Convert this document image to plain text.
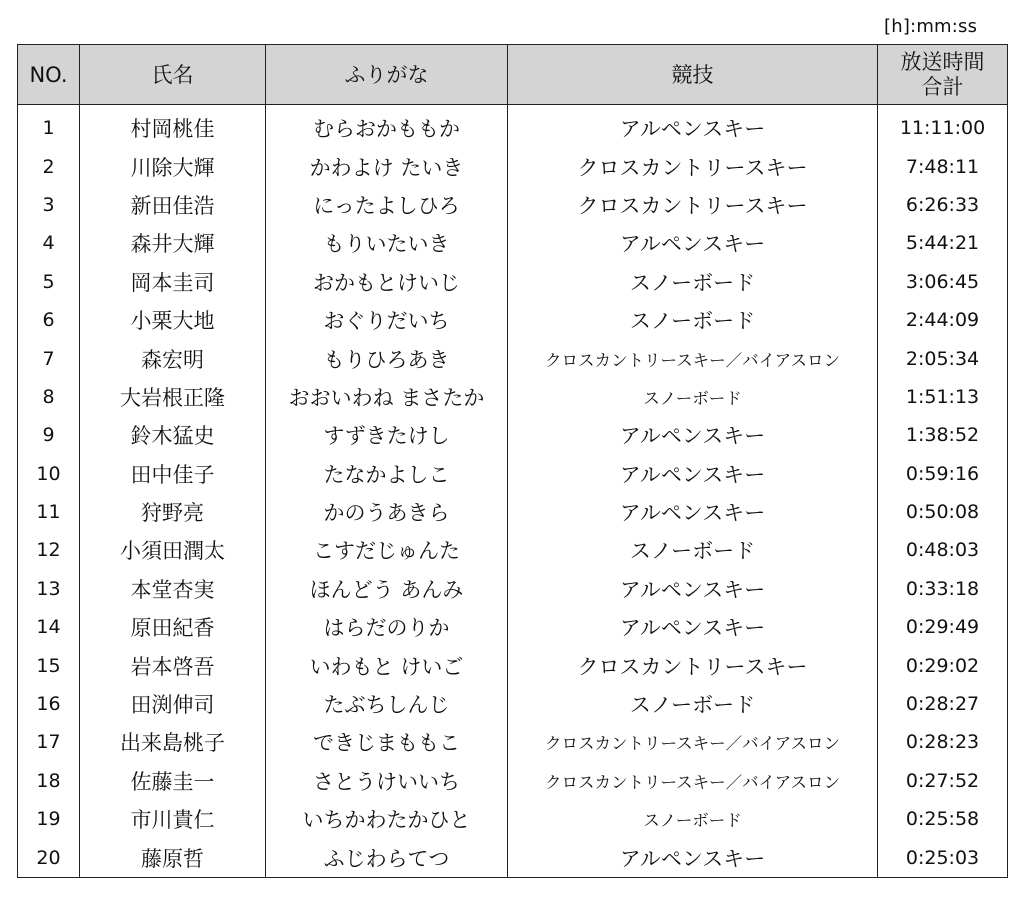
[h]:mm:ss
NO.	氏名	ふりがな	競技	放送時間
合計
1	村岡桃佳	むらおかももか	アルペンスキー	11:11:00
2	川除大輝	かわよけ たいき	クロスカントリースキー	7:48:11
3	新田佳浩	にったよしひろ	クロスカントリースキー	6:26:33
4	森井大輝	もりいたいき	アルペンスキー	5:44:21
5	岡本圭司	おかもとけいじ	スノーボード	3:06:45
6	小栗大地	おぐりだいち	スノーボード	2:44:09
7	森宏明	もりひろあき	クロスカントリースキー／バイアスロン	2:05:34
8	大岩根正隆	おおいわね まさたか	スノーボード	1:51:13
9	鈴木猛史	すずきたけし	アルペンスキー	1:38:52
10	田中佳子	たなかよしこ	アルペンスキー	0:59:16
11	狩野亮	かのうあきら	アルペンスキー	0:50:08
12	小須田潤太	こすだじゅんた	スノーボード	0:48:03
13	本堂杏実	ほんどう あんみ	アルペンスキー	0:33:18
14	原田紀香	はらだのりか	アルペンスキー	0:29:49
15	岩本啓吾	いわもと けいご	クロスカントリースキー	0:29:02
16	田渕伸司	たぶちしんじ	スノーボード	0:28:27
17	出来島桃子	できじまももこ	クロスカントリースキー／バイアスロン	0:28:23
18	佐藤圭一	さとうけいいち	クロスカントリースキー／バイアスロン	0:27:52
19	市川貴仁	いちかわたかひと	スノーボード	0:25:58
20	藤原哲	ふじわらてつ	アルペンスキー	0:25:03
